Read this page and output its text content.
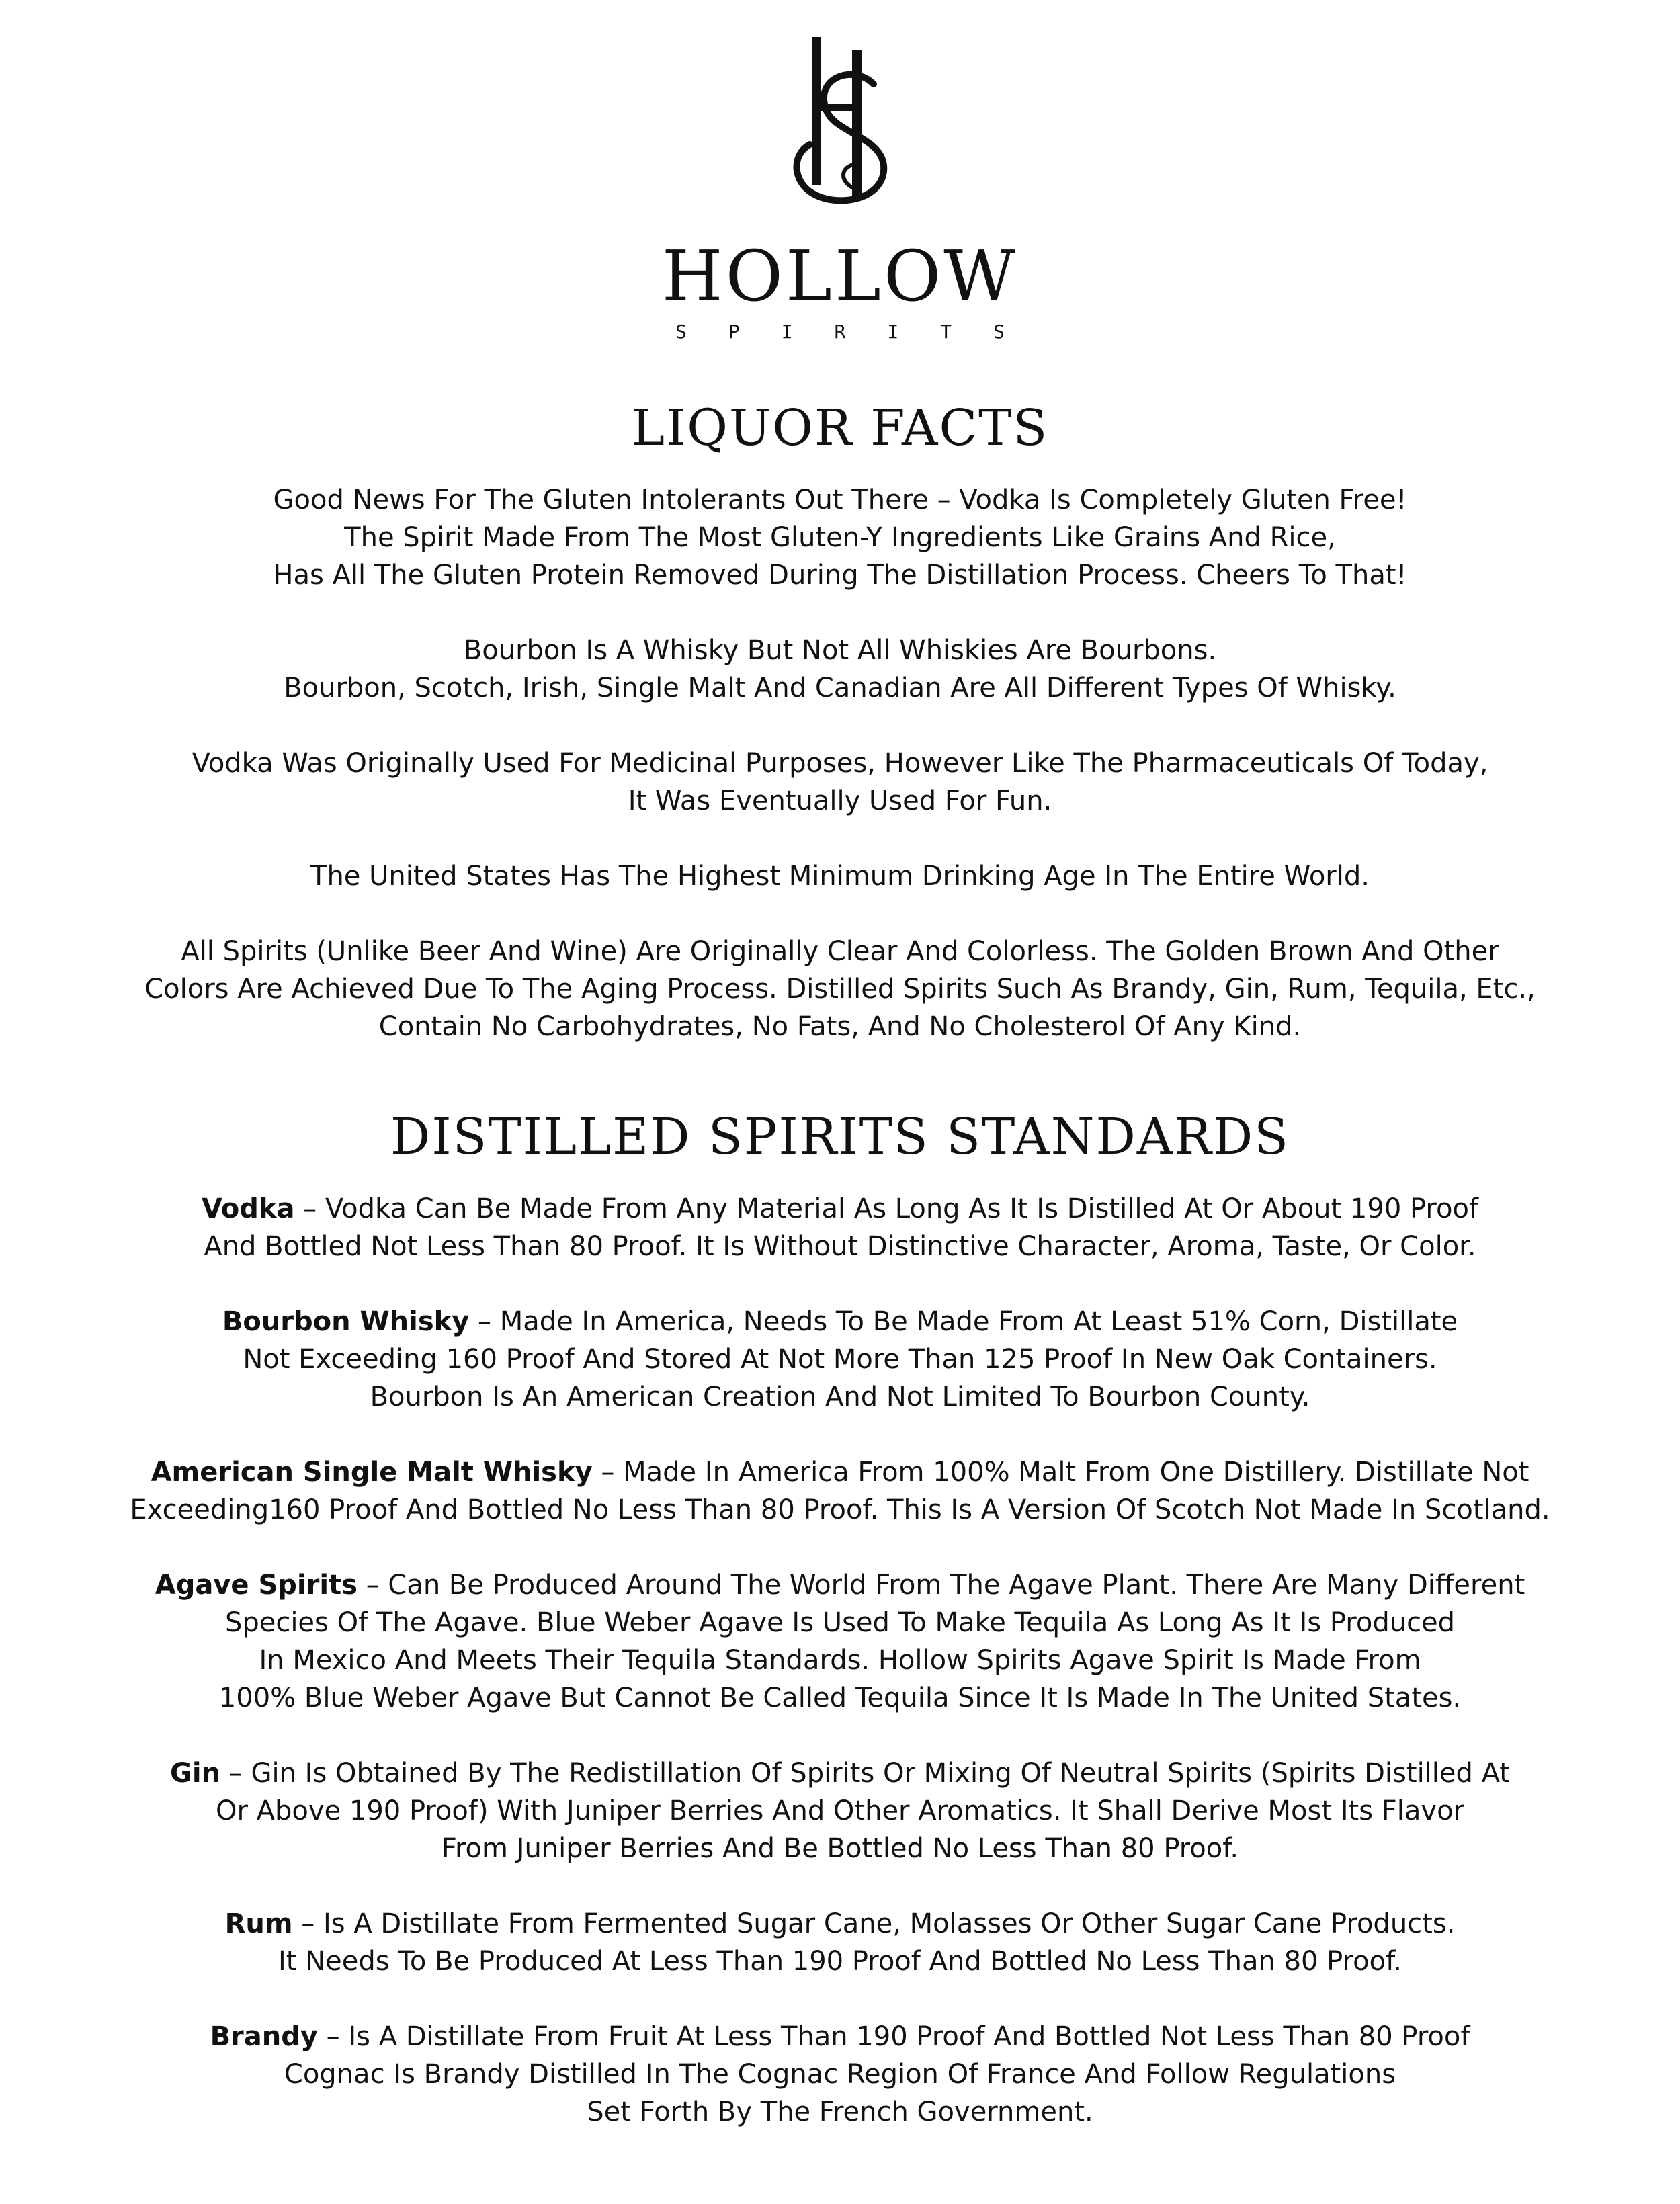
HOLLOW
SPIRITS
LIQUOR FACTS
Good News For The Gluten Intolerants Out There – Vodka Is Completely Gluten Free!
The Spirit Made From The Most Gluten-Y Ingredients Like Grains And Rice,
Has All The Gluten Protein Removed During The Distillation Process. Cheers To That!
Bourbon Is A Whisky But Not All Whiskies Are Bourbons.
Bourbon, Scotch, Irish, Single Malt And Canadian Are All Different Types Of Whisky.
Vodka Was Originally Used For Medicinal Purposes, However Like The Pharmaceuticals Of Today,
It Was Eventually Used For Fun.
The United States Has The Highest Minimum Drinking Age In The Entire World.
All Spirits (Unlike Beer And Wine) Are Originally Clear And Colorless. The Golden Brown And Other
Colors Are Achieved Due To The Aging Process. Distilled Spirits Such As Brandy, Gin, Rum, Tequila, Etc.,
Contain No Carbohydrates, No Fats, And No Cholesterol Of Any Kind.
DISTILLED SPIRITS STANDARDS
Vodka – Vodka Can Be Made From Any Material As Long As It Is Distilled At Or About 190 Proof
And Bottled Not Less Than 80 Proof. It Is Without Distinctive Character, Aroma, Taste, Or Color.
Bourbon Whisky – Made In America, Needs To Be Made From At Least 51% Corn, Distillate
Not Exceeding 160 Proof And Stored At Not More Than 125 Proof In New Oak Containers.
Bourbon Is An American Creation And Not Limited To Bourbon County.
American Single Malt Whisky – Made In America From 100% Malt From One Distillery. Distillate Not
Exceeding160 Proof And Bottled No Less Than 80 Proof. This Is A Version Of Scotch Not Made In Scotland.
Agave Spirits – Can Be Produced Around The World From The Agave Plant. There Are Many Different
Species Of The Agave. Blue Weber Agave Is Used To Make Tequila As Long As It Is Produced
In Mexico And Meets Their Tequila Standards. Hollow Spirits Agave Spirit Is Made From
100% Blue Weber Agave But Cannot Be Called Tequila Since It Is Made In The United States.
Gin – Gin Is Obtained By The Redistillation Of Spirits Or Mixing Of Neutral Spirits (Spirits Distilled At
Or Above 190 Proof) With Juniper Berries And Other Aromatics. It Shall Derive Most Its Flavor
From Juniper Berries And Be Bottled No Less Than 80 Proof.
Rum – Is A Distillate From Fermented Sugar Cane, Molasses Or Other Sugar Cane Products.
It Needs To Be Produced At Less Than 190 Proof And Bottled No Less Than 80 Proof.
Brandy – Is A Distillate From Fruit At Less Than 190 Proof And Bottled Not Less Than 80 Proof
Cognac Is Brandy Distilled In The Cognac Region Of France And Follow Regulations
Set Forth By The French Government.
